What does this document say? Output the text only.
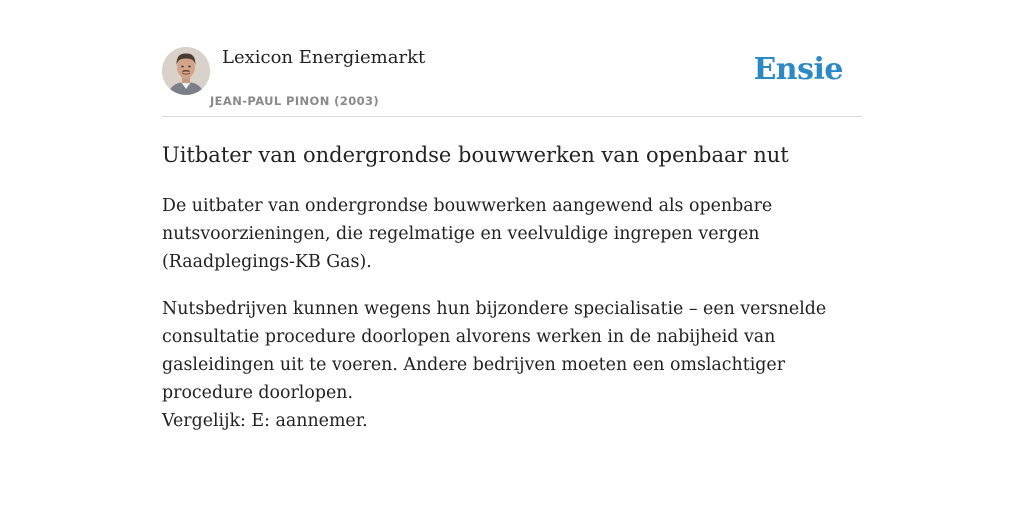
Lexicon Energiemarkt
JEAN-PAUL PINON (2003)
Ensie
Uitbater van ondergrondse bouwwerken van openbaar nut

De uitbater van ondergrondse bouwwerken aangewend als openbare nutsvoorzieningen, die regelmatige en veelvuldige ingrepen vergen (Raadplegings-KB Gas).

Nutsbedrijven kunnen wegens hun bijzondere specialisatie – een versnelde consultatie procedure doorlopen alvorens werken in de nabijheid van gasleidingen uit te voeren. Andere bedrijven moeten een omslachtiger procedure doorlopen.

Vergelijk: E: aannemer.
